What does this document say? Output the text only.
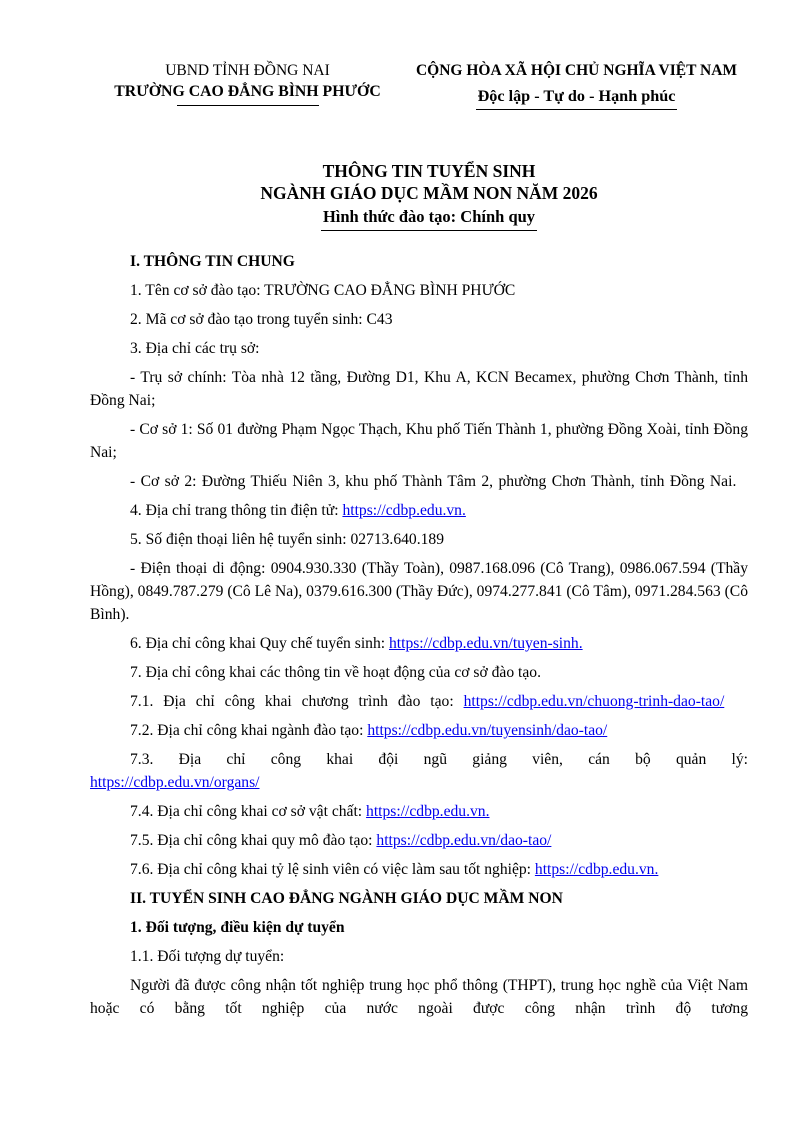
UBND TỈNH ĐỒNG NAI
TRƯỜNG CAO ĐẲNG BÌNH PHƯỚC
CỘNG HÒA XÃ HỘI CHỦ NGHĨA VIỆT NAM
Độc lập - Tự do - Hạnh phúc
THÔNG TIN TUYỂN SINH
NGÀNH GIÁO DỤC MẦM NON NĂM 2026
Hình thức đào tạo: Chính quy

I. THÔNG TIN CHUNG

1. Tên cơ sở đào tạo: TRƯỜNG CAO ĐẲNG BÌNH PHƯỚC

2. Mã cơ sở đào tạo trong tuyển sinh: C43

3. Địa chỉ các trụ sở:

- Trụ sở chính: Tòa nhà 12 tầng, Đường D1, Khu A, KCN Becamex, phường Chơn Thành, tỉnh Đồng Nai;

- Cơ sở 1: Số 01 đường Phạm Ngọc Thạch, Khu phố Tiến Thành 1, phường Đồng Xoài, tỉnh Đồng Nai;

- Cơ sở 2: Đường Thiếu Niên 3, khu phố Thành Tâm 2, phường Chơn Thành, tỉnh Đồng Nai.

4. Địa chỉ trang thông tin điện tử: https://cdbp.edu.vn.

5. Số điện thoại liên hệ tuyển sinh: 02713.640.189

- Điện thoại di động: 0904.930.330 (Thầy Toàn), 0987.168.096 (Cô Trang), 0986.067.594 (Thầy Hồng), 0849.787.279 (Cô Lê Na), 0379.616.300 (Thầy Đức), 0974.277.841 (Cô Tâm), 0971.284.563 (Cô Bình).

6. Địa chỉ công khai Quy chế tuyển sinh: https://cdbp.edu.vn/tuyen-sinh.

7. Địa chỉ công khai các thông tin về hoạt động của cơ sở đào tạo.

7.1. Địa chỉ công khai chương trình đào tạo: https://cdbp.edu.vn/chuong-trinh-dao-tao/

7.2. Địa chỉ công khai ngành đào tạo: https://cdbp.edu.vn/tuyensinh/dao-tao/

7.3. Địa chỉ công khai đội ngũ giảng viên, cán bộ quản lý:
https://cdbp.edu.vn/organs/

7.4. Địa chỉ công khai cơ sở vật chất: https://cdbp.edu.vn.

7.5. Địa chỉ công khai quy mô đào tạo: https://cdbp.edu.vn/dao-tao/

7.6. Địa chỉ công khai tỷ lệ sinh viên có việc làm sau tốt nghiệp: https://cdbp.edu.vn.

II. TUYỂN SINH CAO ĐẲNG NGÀNH GIÁO DỤC MẦM NON

1. Đối tượng, điều kiện dự tuyển

1.1. Đối tượng dự tuyển:

Người đã được công nhận tốt nghiệp trung học phổ thông (THPT), trung học nghề của Việt Nam hoặc có bằng tốt nghiệp của nước ngoài được công nhận trình độ tương
